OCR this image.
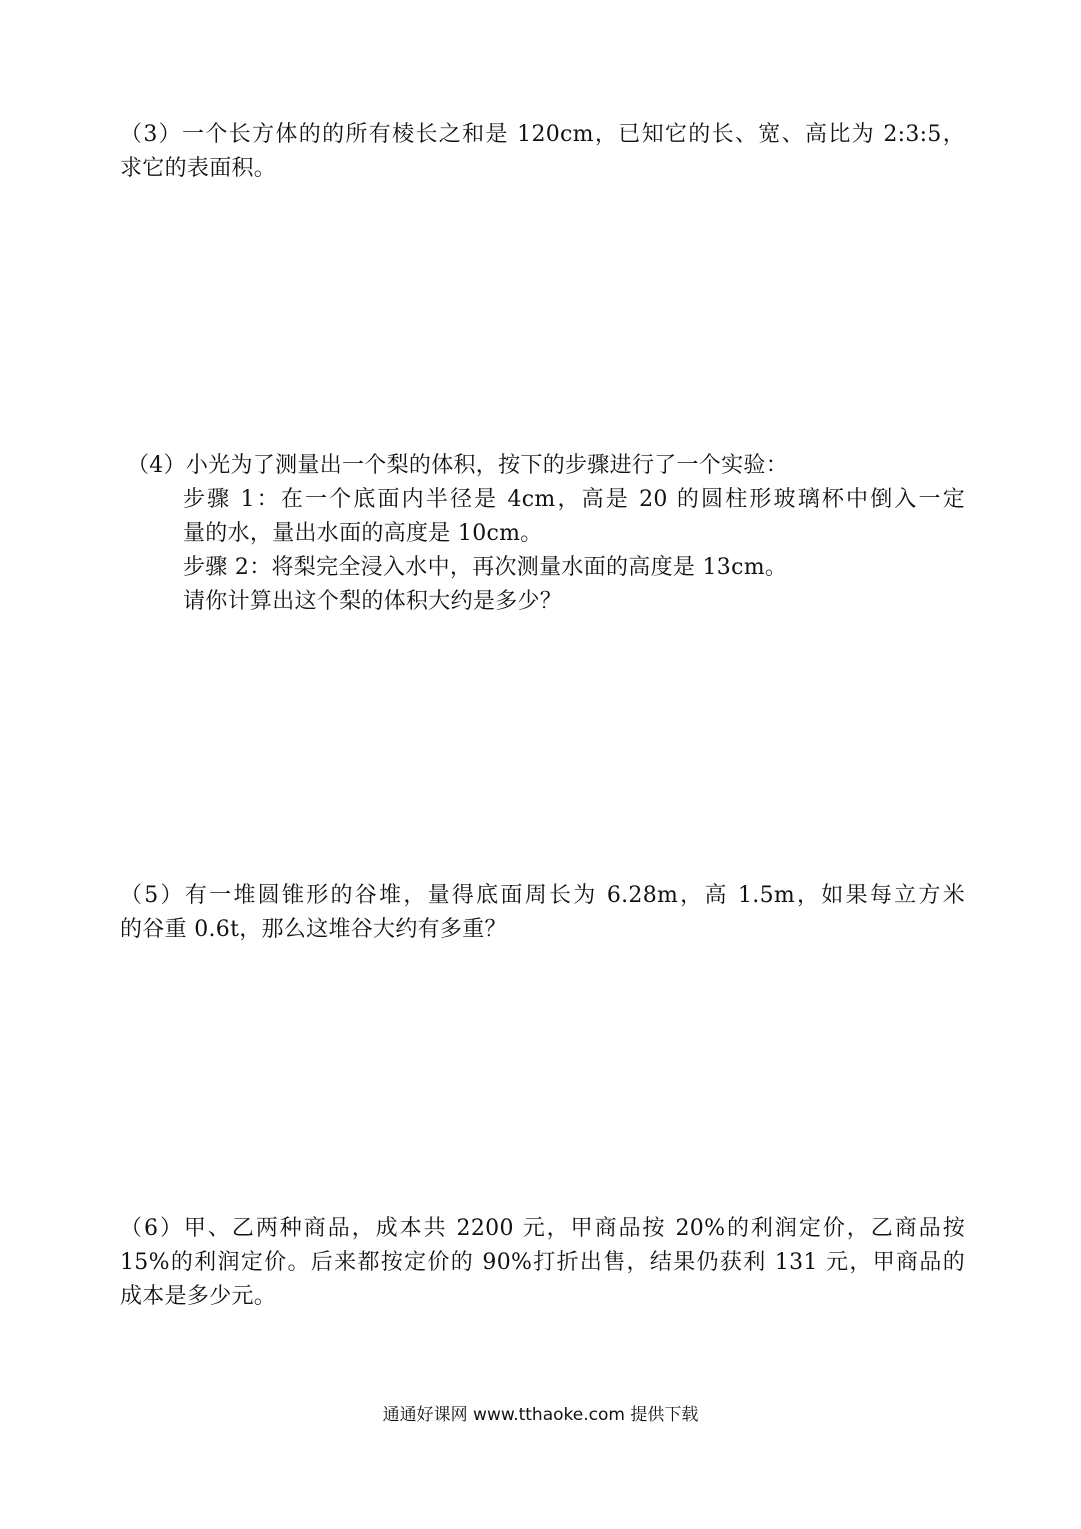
（3）一个长方体的的所有棱长之和是 120cm，已知它的长、宽、高比为 2:3:5，
求它的表面积。
（4）小光为了测量出一个梨的体积，按下的步骤进行了一个实验：
步骤 1：在一个底面内半径是 4cm，高是 20 的圆柱形玻璃杯中倒入一定
量的水，量出水面的高度是 10cm。
步骤 2：将梨完全浸入水中，再次测量水面的高度是 13cm。
请你计算出这个梨的体积大约是多少？
（5）有一堆圆锥形的谷堆，量得底面周长为 6.28m，高 1.5m，如果每立方米
的谷重 0.6t，那么这堆谷大约有多重？
（6）甲、乙两种商品，成本共 2200 元，甲商品按 20%的利润定价，乙商品按
15%的利润定价。后来都按定价的 90%打折出售，结果仍获利 131 元，甲商品的
成本是多少元。
通通好课网 www.tthaoke.com 提供下载
